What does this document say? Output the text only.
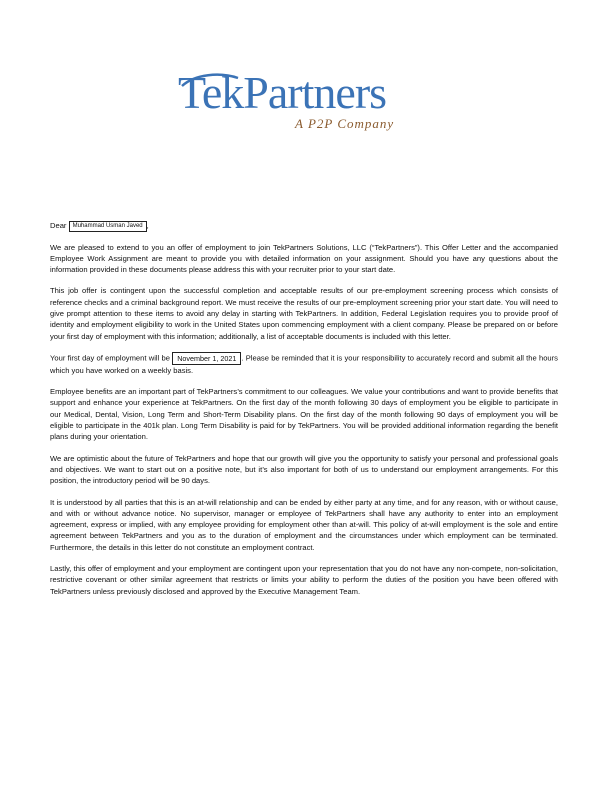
TekPartners
A P2P Company
Dear Muhammad Usman Javed ,

We are pleased to extend to you an offer of employment to join TekPartners Solutions, LLC (“TekPartners”). This Offer Letter and the accompanied Employee Work Assignment are meant to provide you with detailed information on your assignment. Should you have any questions about the information provided in these documents please address this with your recruiter prior to your start date.

This job offer is contingent upon the successful completion and acceptable results of our pre-employment screening process which consists of reference checks and a criminal background report. We must receive the results of our pre-employment screening prior your start date. You will need to give prompt attention to these items to avoid any delay in starting with TekPartners. In addition, Federal Legislation requires you to provide proof of identity and employment eligibility to work in the United States upon commencing employment with a client company. Please be prepared on or before your first day of employment with this information; additionally, a list of acceptable documents is included with this letter.

Your first day of employment will be November 1, 2021 . Please be reminded that it is your responsibility to accurately record and submit all the hours which you have worked on a weekly basis.

Employee benefits are an important part of TekPartners’s commitment to our colleagues. We value your contributions and want to provide benefits that support and enhance your experience at TekPartners. On the first day of the month following 30 days of employment you be eligible to participate in our Medical, Dental, Vision, Long Term and Short-Term Disability plans. On the first day of the month following 90 days of employment you will be eligible to participate in the 401k plan. Long Term Disability is paid for by TekPartners. You will be provided additional information regarding the benefit plans during your orientation.

We are optimistic about the future of TekPartners and hope that our growth will give you the opportunity to satisfy your personal and professional goals and objectives. We want to start out on a positive note, but it’s also important for both of us to understand our employment arrangements. For this position, the introductory period will be 90 days.

It is understood by all parties that this is an at-will relationship and can be ended by either party at any time, and for any reason, with or without cause, and with or without advance notice. No supervisor, manager or employee of TekPartners shall have any authority to enter into an employment agreement, express or implied, with any employee providing for employment other than at-will. This policy of at-will employment is the sole and entire agreement between TekPartners and you as to the duration of employment and the circumstances under which employment can be terminated. Furthermore, the details in this letter do not constitute an employment contract.

Lastly, this offer of employment and your employment are contingent upon your representation that you do not have any non-compete, non-solicitation, restrictive covenant or other similar agreement that restricts or limits your ability to perform the duties of the position you have been offered with TekPartners unless previously disclosed and approved by the Executive Management Team.
